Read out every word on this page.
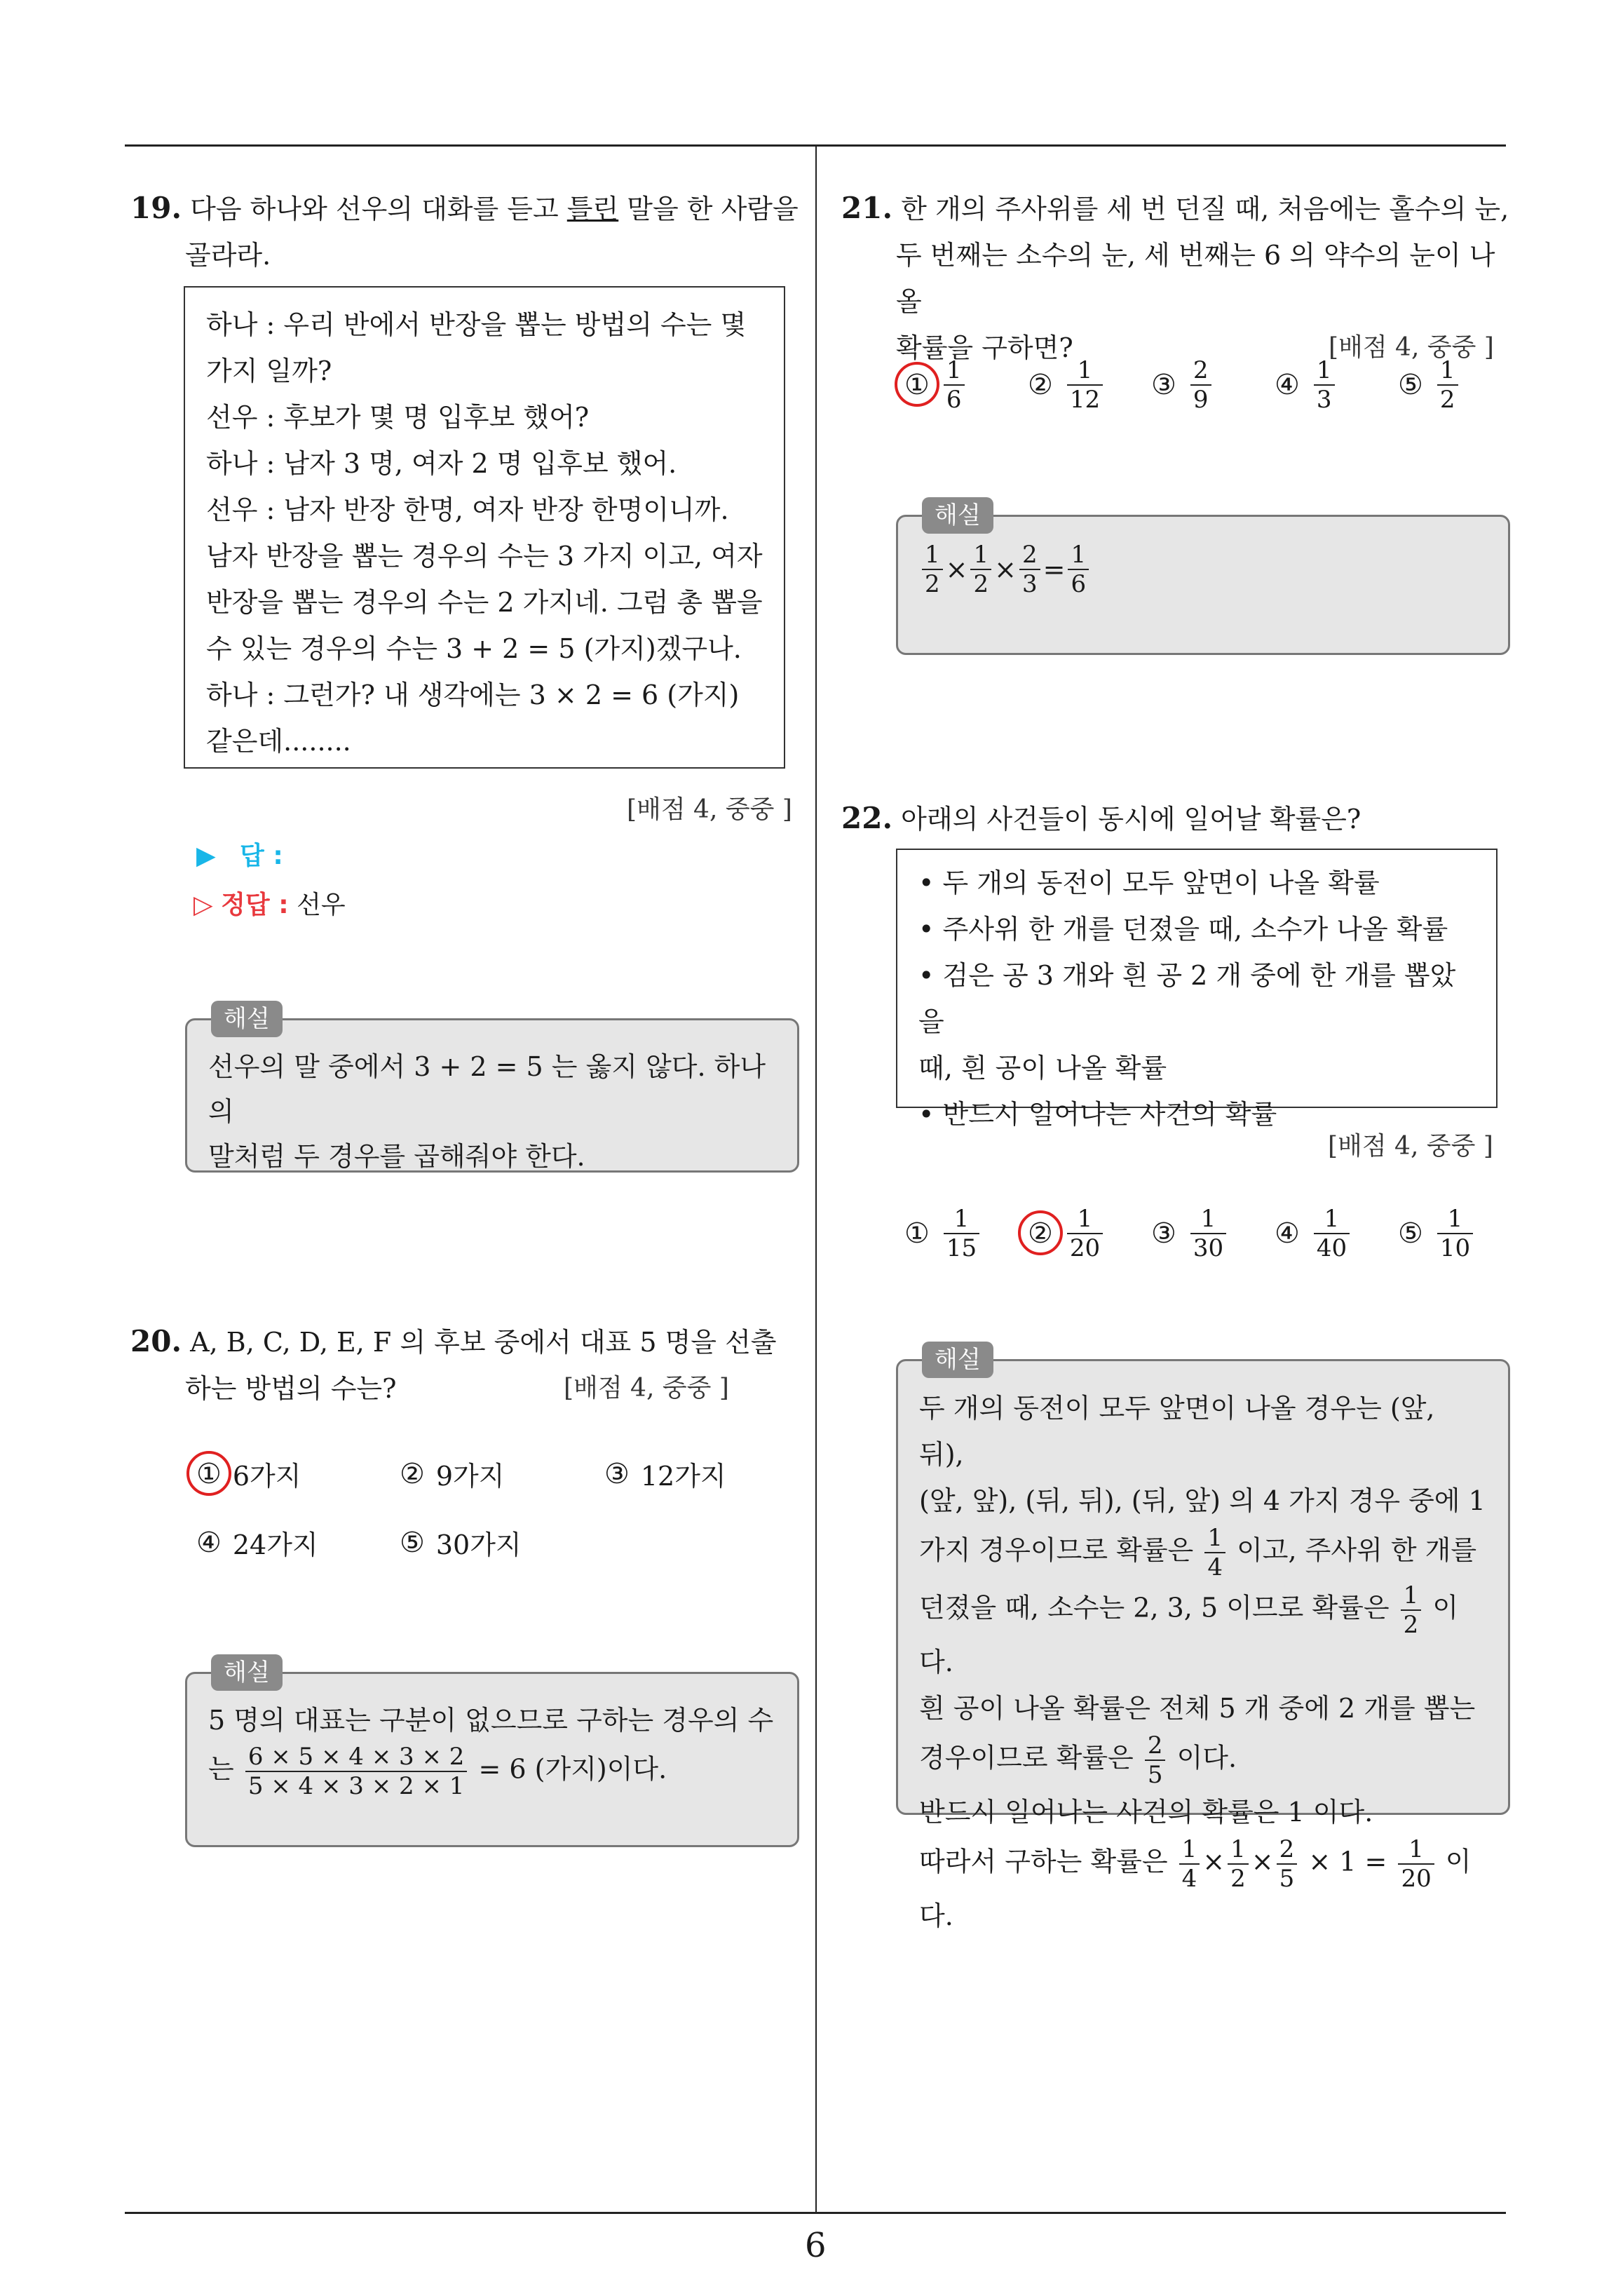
19. 다음 하나와 선우의 대화를 듣고 틀린 말을 한 사람을
골라라.
하나 : 우리 반에서 반장을 뽑는 방법의 수는 몇
가지 일까?
선우 : 후보가 몇 명 입후보 했어?
하나 : 남자 3 명, 여자 2 명 입후보 했어.
선우 : 남자 반장 한명, 여자 반장 한명이니까.
남자 반장을 뽑는 경우의 수는 3 가지 이고, 여자
반장을 뽑는 경우의 수는 2 가지네. 그럼 총 뽑을
수 있는 경우의 수는 3 + 2 = 5 (가지)겠구나.
하나 : 그런가? 내 생각에는 3 × 2 = 6 (가지)
같은데........
[배점 4, 중중 ]
▶ 답 :
▷ 정답 : 선우
해설
선우의 말 중에서 3 + 2 = 5 는 옳지 않다. 하나의
말처럼 두 경우를 곱해줘야 한다.
20. A, B, C, D, E, F 의 후보 중에서 대표 5 명을 선출
하는 방법의 수는?	[배점 4, 중중 ]
① 6가지	② 9가지	③ 12가지
④ 24가지	⑤ 30가지
해설
5 명의 대표는 구분이 없으므로 구하는 경우의 수
는 $\frac{6 \times 5 \times 4 \times 3 \times 2}{5 \times 4 \times 3 \times 2 \times 1} = 6$ (가지)이다.
21. 한 개의 주사위를 세 번 던질 때, 처음에는 홀수의 눈,
두 번째는 소수의 눈, 세 번째는 6 의 약수의 눈이 나올
확률을 구하면?	[배점 4, 중중 ]
① $\frac{1}{6}$ ② $\frac{1}{12}$ ③ $\frac{2}{9}$ ④ $\frac{1}{3}$ ⑤ $\frac{1}{2}$
해설
$\frac{1}{2} \times \frac{1}{2} \times \frac{2}{3} = \frac{1}{6}$
22. 아래의 사건들이 동시에 일어날 확률은?
• 두 개의 동전이 모두 앞면이 나올 확률
• 주사위 한 개를 던졌을 때, 소수가 나올 확률
• 검은 공 3 개와 흰 공 2 개 중에 한 개를 뽑았을
때, 흰 공이 나올 확률
• 반드시 일어나는 사건의 확률
[배점 4, 중중 ]
① $\frac{1}{15}$ ② $\frac{1}{20}$ ③ $\frac{1}{30}$ ④ $\frac{1}{40}$ ⑤ $\frac{1}{10}$
해설
두 개의 동전이 모두 앞면이 나올 경우는 (앞, 뒤),
(앞, 앞), (뒤, 뒤), (뒤, 앞) 의 4 가지 경우 중에 1
가지 경우이므로 확률은 $\frac{1}{4}$ 이고, 주사위 한 개를
던졌을 때, 소수는 2, 3, 5 이므로 확률은 $\frac{1}{2}$ 이다.
흰 공이 나올 확률은 전체 5 개 중에 2 개를 뽑는
경우이므로 확률은 $\frac{2}{5}$ 이다.
반드시 일어나는 사건의 확률은 1 이다.
따라서 구하는 확률은 $\frac{1}{4} \times \frac{1}{2} \times \frac{2}{5} \times 1 = \frac{1}{20}$ 이다.
6
